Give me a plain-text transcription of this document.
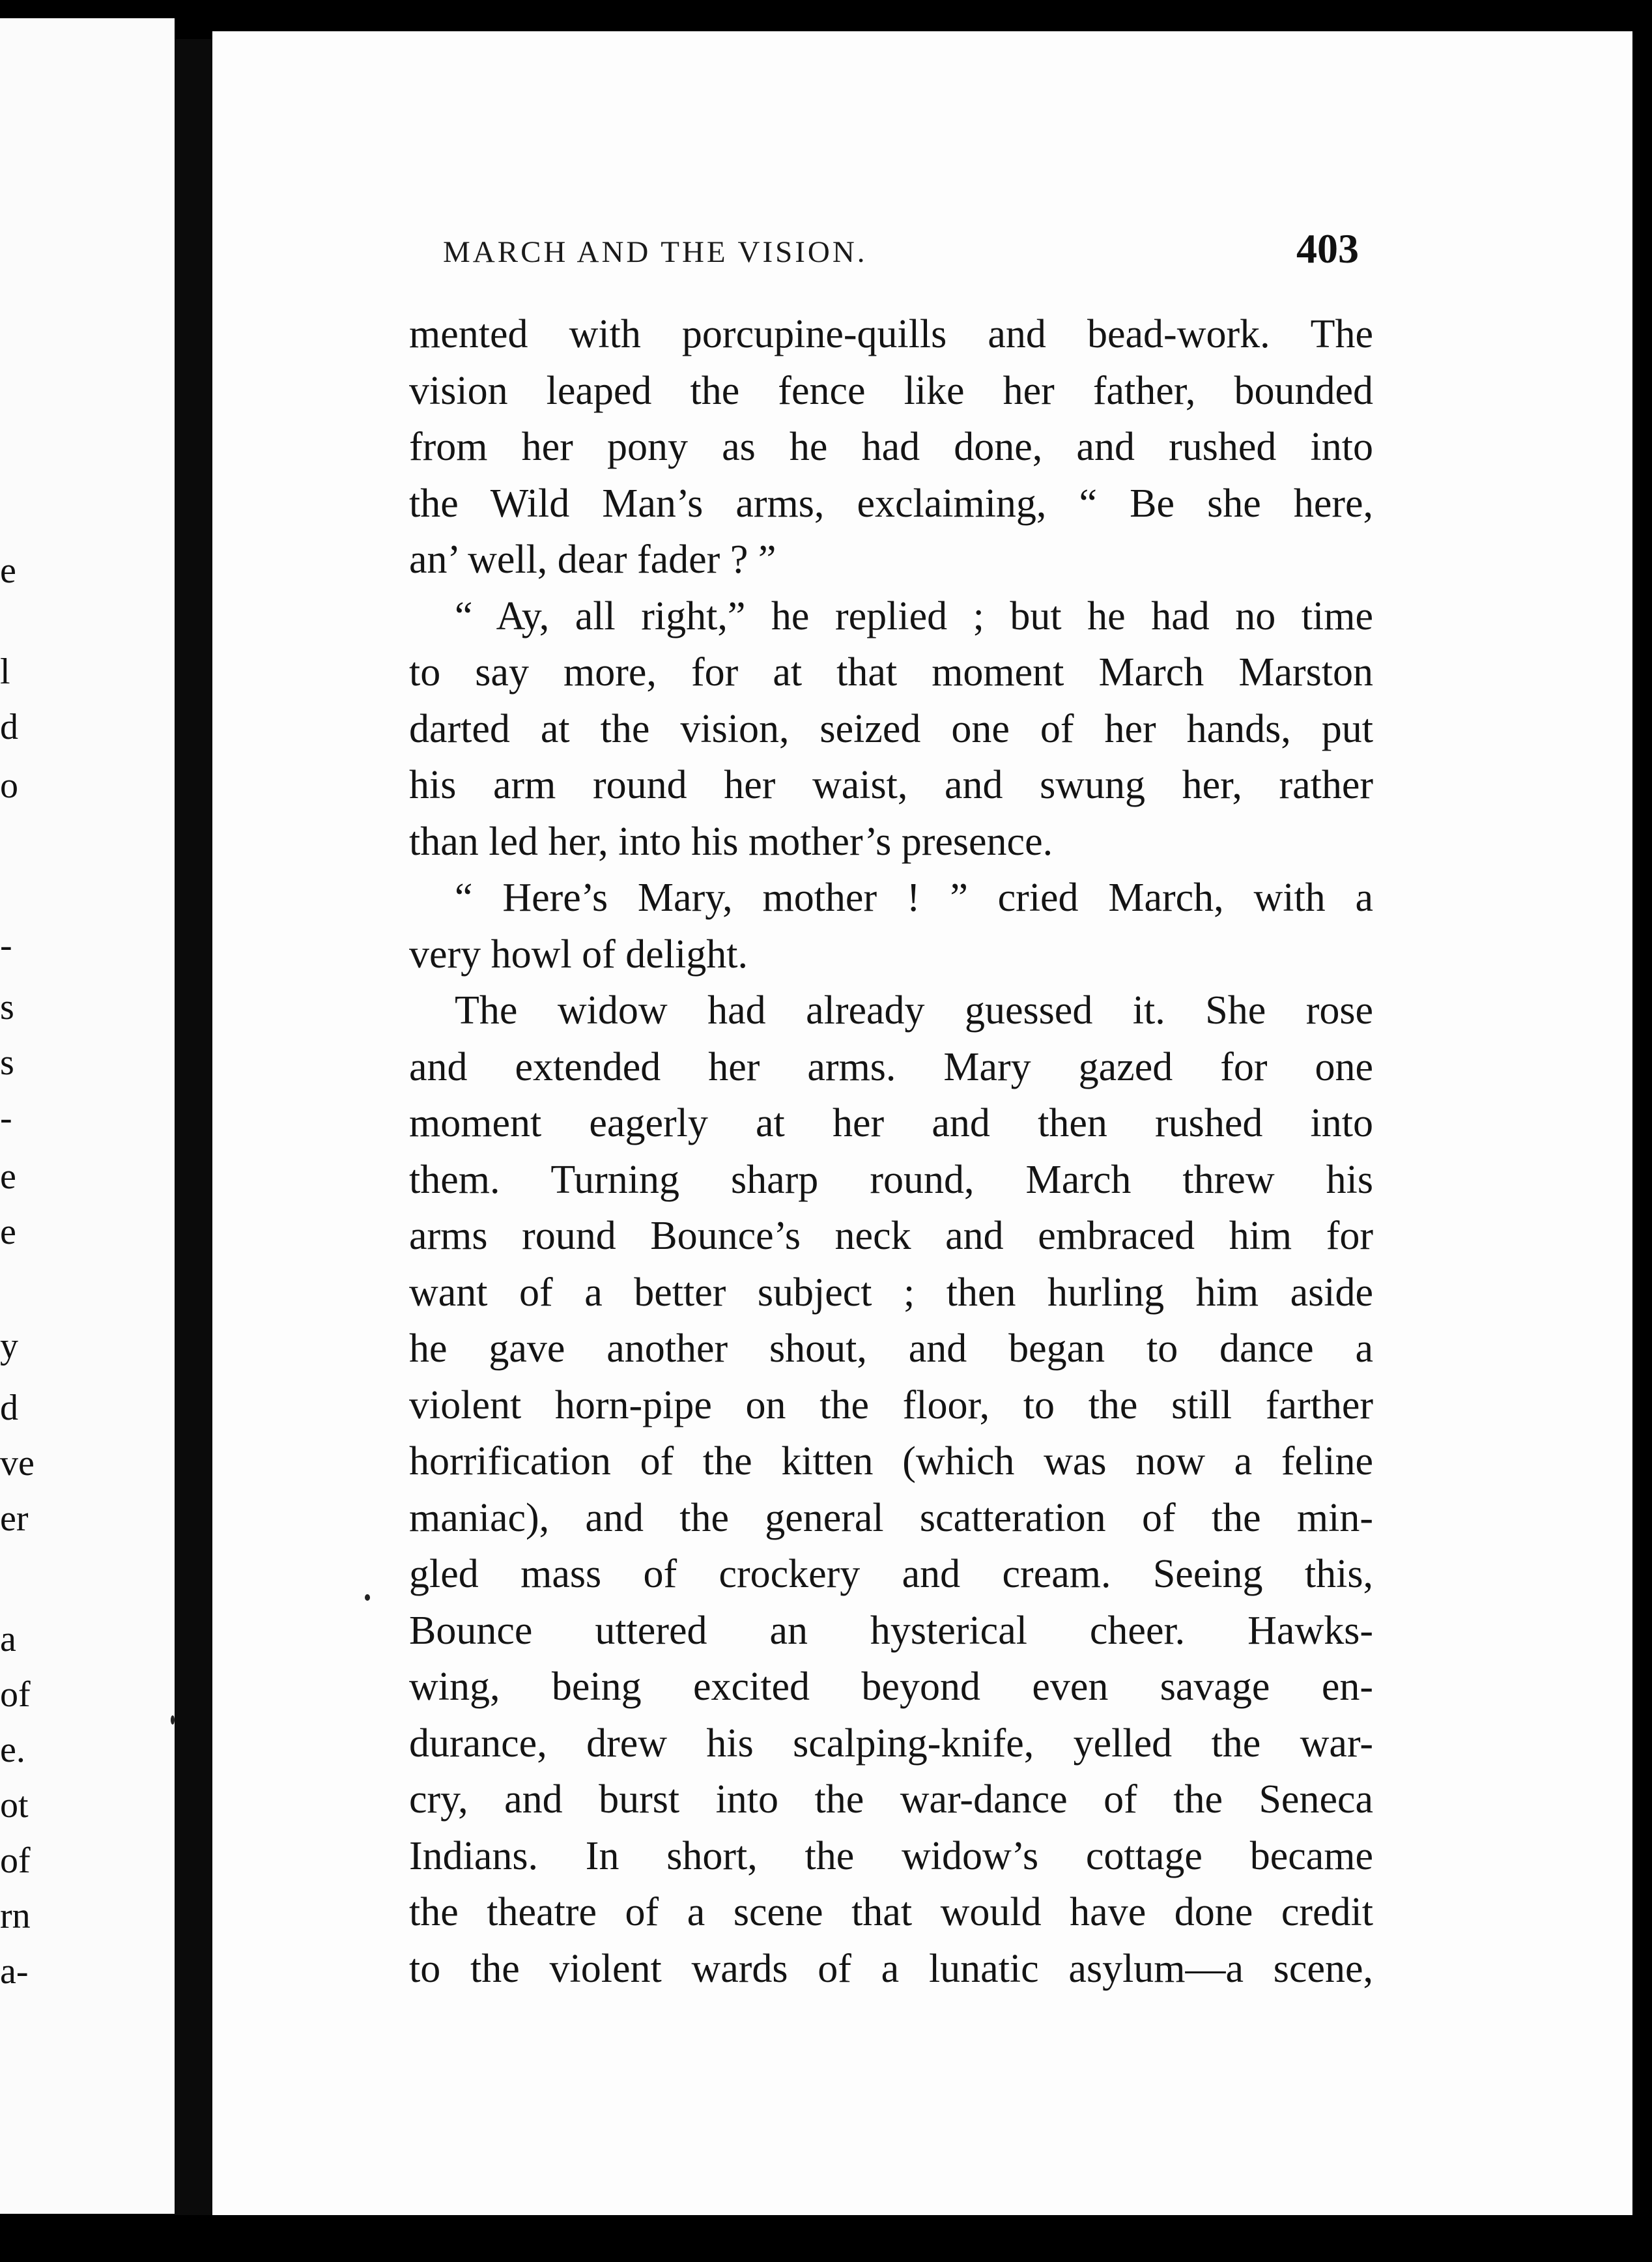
e
l
d
o
-
s
s
-
e
e
y
d
ve
er
a
of
e.
ot
of
rn
a-
MARCH AND THE VISION.	403
mented with porcupine-quills and bead-work. The
vision leaped the fence like her father, bounded
from her pony as he had done, and rushed into
the Wild Man’s arms, exclaiming, “ Be she here,
an’ well, dear fader ? ”
“ Ay, all right,” he replied ; but he had no time
to say more, for at that moment March Marston
darted at the vision, seized one of her hands, put
his arm round her waist, and swung her, rather
than led her, into his mother’s presence.
“ Here’s Mary, mother ! ” cried March, with a
very howl of delight.
The widow had already guessed it. She rose
and extended her arms. Mary gazed for one
moment eagerly at her and then rushed into
them. Turning sharp round, March threw his
arms round Bounce’s neck and embraced him for
want of a better subject ; then hurling him aside
he gave another shout, and began to dance a
violent horn-pipe on the floor, to the still farther
horrification of the kitten (which was now a feline
maniac), and the general scatteration of the min-
gled mass of crockery and cream. Seeing this,
Bounce uttered an hysterical cheer. Hawks-
wing, being excited beyond even savage en-
durance, drew his scalping-knife, yelled the war-
cry, and burst into the war-dance of the Seneca
Indians. In short, the widow’s cottage became
the theatre of a scene that would have done credit
to the violent wards of a lunatic asylum—a scene,
